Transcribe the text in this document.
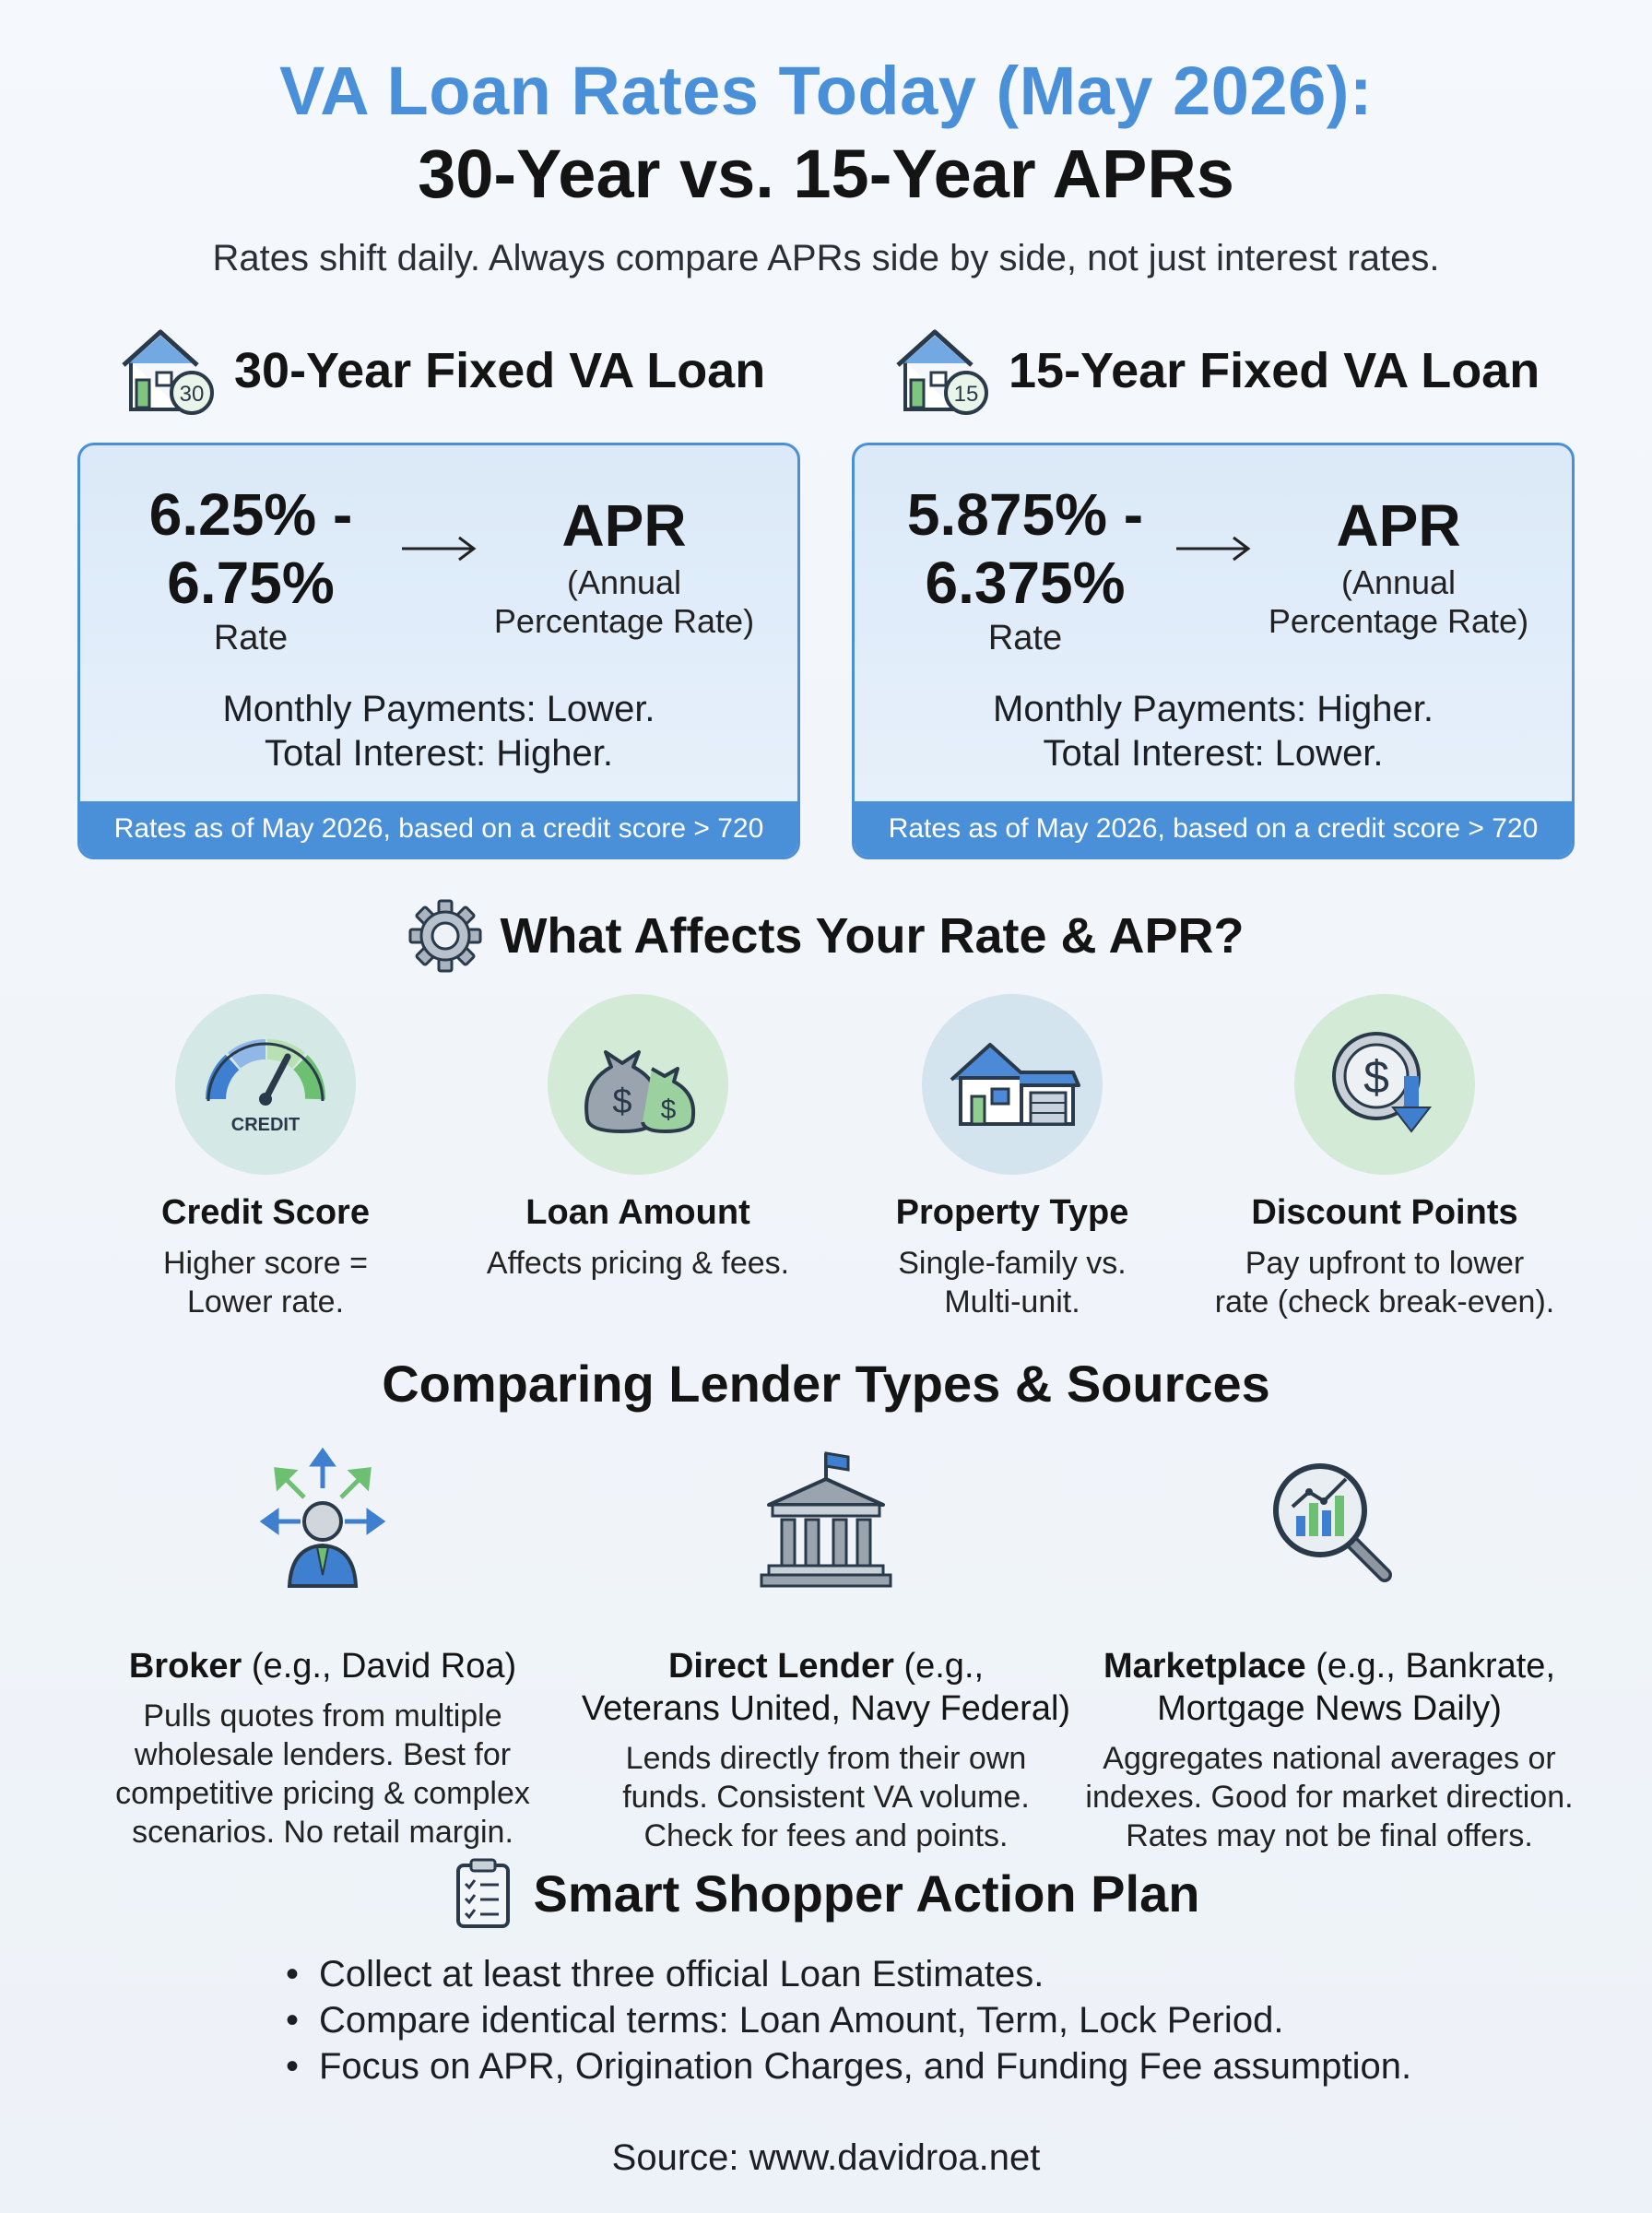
VA Loan Rates Today (May 2026):
30-Year vs. 15-Year APRs
Rates shift daily. Always compare APRs side by side, not just interest rates.
30 30-Year Fixed VA Loan	15 15-Year Fixed VA Loan
6.25% -
6.75%
Rate
APR
(Annual
Percentage Rate)
Monthly Payments: Lower.
Total Interest: Higher.
Rates as of May 2026, based on a credit score > 720
5.875% -
6.375%
Rate
APR
(Annual
Percentage Rate)
Monthly Payments: Higher.
Total Interest: Lower.
Rates as of May 2026, based on a credit score > 720
What Affects Your Rate & APR?
CREDIT
Credit Score
Higher score =
Lower rate.
$ $
Loan Amount
Affects pricing & fees.
Property Type
Single-family vs.
Multi-unit.
$
Discount Points
Pay upfront to lower
rate (check break-even).
Comparing Lender Types & Sources
Broker (e.g., David Roa)
Pulls quotes from multiple
wholesale lenders. Best for
competitive pricing & complex
scenarios. No retail margin.
Direct Lender (e.g.,
Veterans United, Navy Federal)
Lends directly from their own
funds. Consistent VA volume.
Check for fees and points.
Marketplace (e.g., Bankrate,
Mortgage News Daily)
Aggregates national averages or
indexes. Good for market direction.
Rates may not be final offers.
Smart Shopper Action Plan
• Collect at least three official Loan Estimates.
• Compare identical terms: Loan Amount, Term, Lock Period.
• Focus on APR, Origination Charges, and Funding Fee assumption.
Source: www.davidroa.net
